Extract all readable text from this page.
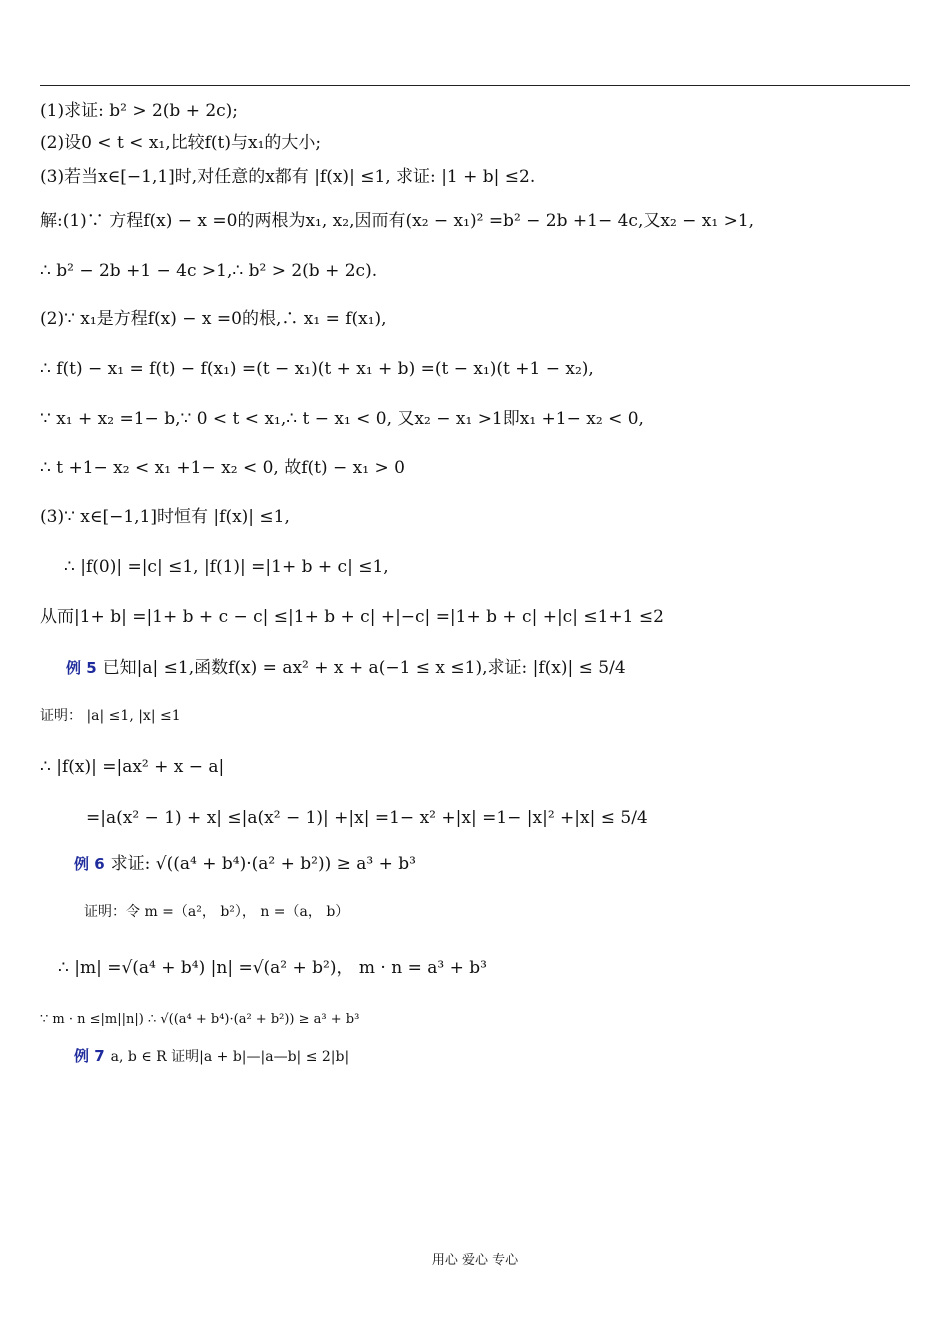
(1)求证: b² > 2(b + 2c);
(2)设0 < t < x₁,比较f(t)与x₁的大小;
(3)若当x∈[−1,1]时,对任意的x都有 |f(x)| ≤1, 求证: |1 + b| ≤2.
解:(1)∵ 方程f(x) − x =0的两根为x₁, x₂,因而有(x₂ − x₁)² =b² − 2b +1− 4c,又x₂ − x₁ >1,
∴ b² − 2b +1 − 4c >1,∴ b² > 2(b + 2c).
(2)∵ x₁是方程f(x) − x =0的根,∴ x₁ = f(x₁),
∴ f(t) − x₁ = f(t) − f(x₁) =(t − x₁)(t + x₁ + b) =(t − x₁)(t +1 − x₂),
∵ x₁ + x₂ =1− b,∵ 0 < t < x₁,∴ t − x₁ < 0, 又x₂ − x₁ >1即x₁ +1− x₂ < 0,
∴ t +1− x₂ < x₁ +1− x₂ < 0, 故f(t) − x₁ > 0
(3)∵ x∈[−1,1]时恒有 |f(x)| ≤1,
∴ |f(0)| =|c| ≤1, |f(1)| =|1+ b + c| ≤1,
从而|1+ b| =|1+ b + c − c| ≤|1+ b + c| +|−c| =|1+ b + c| +|c| ≤1+1 ≤2
例 5 已知|a| ≤1,函数f(x) = ax² + x + a(−1 ≤ x ≤1),求证: |f(x)| ≤ 5/4
证明： |a| ≤1, |x| ≤1
∴ |f(x)| =|ax² + x − a|
=|a(x² − 1) + x| ≤|a(x² − 1)| +|x| =1− x² +|x| =1− |x|² +|x| ≤ 5/4
例 6 求证: √((a⁴ + b⁴)·(a² + b²)) ≥ a³ + b³
证明：令 m =（a²， b²）， n =（a， b）
∴ |m| =√(a⁴ + b⁴) |n| =√(a² + b²)， m · n = a³ + b³
∵ m · n ≤|m||n|) ∴ √((a⁴ + b⁴)·(a² + b²)) ≥ a³ + b³
例 7 a, b ∈ R 证明|a + b|—|a—b| ≤ 2|b|
用心 爱心 专心
